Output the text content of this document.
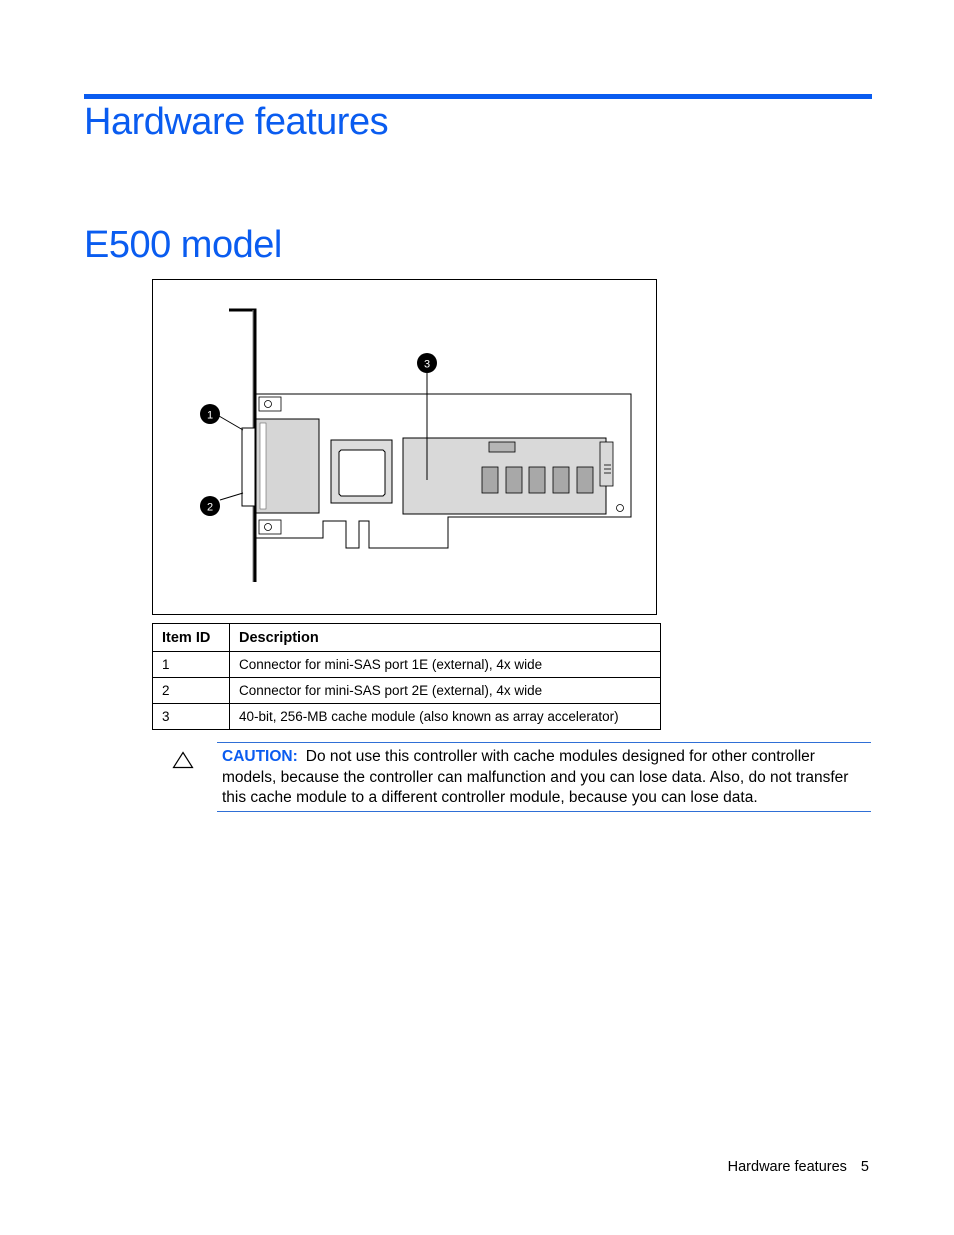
Hardware features
E500 model
1
2
3
Item ID	Description
1	Connector for mini-SAS port 1E (external), 4x wide
2	Connector for mini-SAS port 2E (external), 4x wide
3	40-bit, 256-MB cache module (also known as array accelerator)

CAUTION: Do not use this controller with cache modules designed for other controller models, because the controller can malfunction and you can lose data. Also, do not transfer this cache module to a different controller module, because you can lose data.

Hardware features 5
